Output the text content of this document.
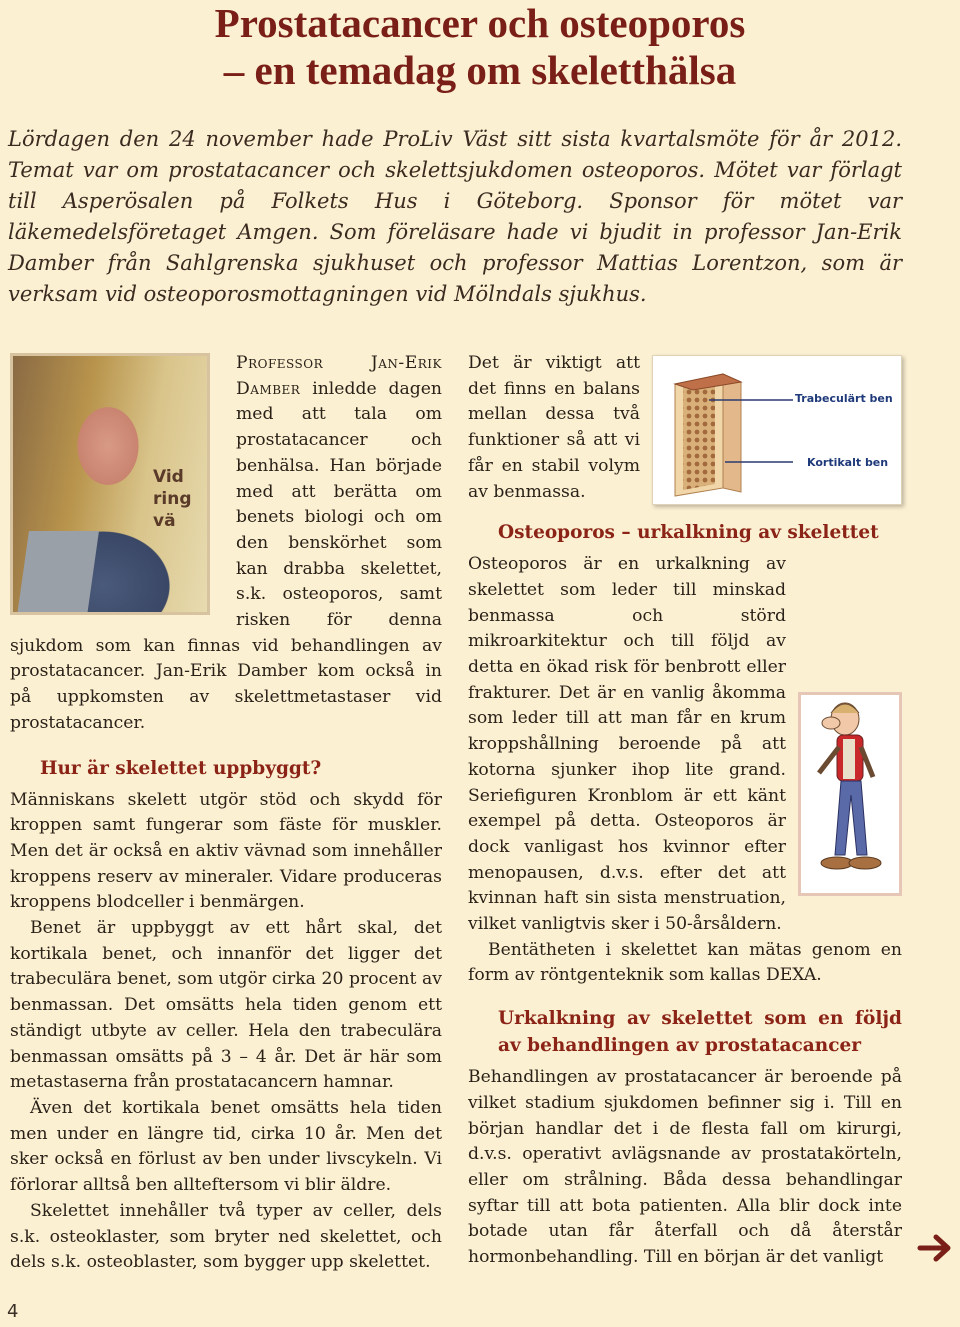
Prostatacancer och osteoporos
– en temadag om skeletthälsa
Lördagen den 24 november hade ProLiv Väst sitt sista kvartalsmöte för år 2012. Temat var om prostatacancer och skelettsjukdomen osteoporos. Mötet var förlagt till Asperösalen på Folkets Hus i Göteborg. Sponsor för mötet var läkemedelsföretaget Amgen. Som föreläsare hade vi bjudit in professor Jan-Erik Damber från Sahlgrenska sjukhuset och professor Mattias Lorentzon, som är verksam vid osteoporosmottagningen vid Mölndals sjukhus.
Vid ring vä

Professor Jan-Erik Damber inledde dagen med att tala om prostatacancer och benhälsa. Han började med att berätta om benets biologi och om den benskörhet som kan drabba skelettet, s.k. osteoporos, samt risken för denna sjukdom som kan finnas vid behandlingen av prostatacancer. Jan-Erik Damber kom också in på uppkomsten av skelettmetastaser vid prostatacancer.

Hur är skelettet uppbyggt?

Människans skelett utgör stöd och skydd för kroppen samt fungerar som fäste för muskler. Men det är också en aktiv vävnad som innehåller kroppens reserv av mineraler. Vidare produceras kroppens blodceller i benmärgen.

Benet är uppbyggt av ett hårt skal, det kortikala benet, och innanför det ligger det trabeculära benet, som utgör cirka 20 procent av benmassan. Det omsätts hela tiden genom ett ständigt utbyte av celler. Hela den trabeculära benmassan omsätts på 3 – 4 år. Det är här som metastaserna från prostatacancern hamnar.

Även det kortikala benet omsätts hela tiden men under en längre tid, cirka 10 år. Men det sker också en förlust av ben under livscykeln. Vi förlorar alltså ben allteftersom vi blir äldre.

Skelettet innehåller två typer av celler, dels s.k. osteoklaster, som bryter ned skelettet, och dels s.k. osteoblaster, som bygger upp skelettet.

Trabeculärt ben
Kortikalt ben

Det är viktigt att det finns en balans mellan dessa två funktioner så att vi får en stabil volym av benmassa.

Osteoporos – urkalkning av skelettet

Osteoporos är en urkalkning av skelettet som leder till minskad benmassa och störd mikroarkitektur och till följd av detta en ökad risk för benbrott eller frakturer. Det är en vanlig åkomma som leder till att man får en krum kroppshållning beroende på att kotorna sjunker ihop lite grand. Seriefiguren Kronblom är ett känt exempel på detta. Osteoporos är dock vanligast hos kvinnor efter menopausen, d.v.s. efter det att kvinnan haft sin sista menstruation, vilket vanligtvis sker i 50-årsåldern.

Bentätheten i skelettet kan mätas genom en form av röntgenteknik som kallas DEXA.

Urkalkning av skelettet som en följd av behandlingen av prostatacancer

Behandlingen av prostatacancer är beroende på vilket stadium sjukdomen befinner sig i. Till en början handlar det i de flesta fall om kirurgi, d.v.s. operativt avlägsnande av prostatakörteln, eller om strålning. Båda dessa behandlingar syftar till att bota patienten. Alla blir dock inte botade utan får återfall och då återstår hormonbehandling. Till en början är det vanligt

4
